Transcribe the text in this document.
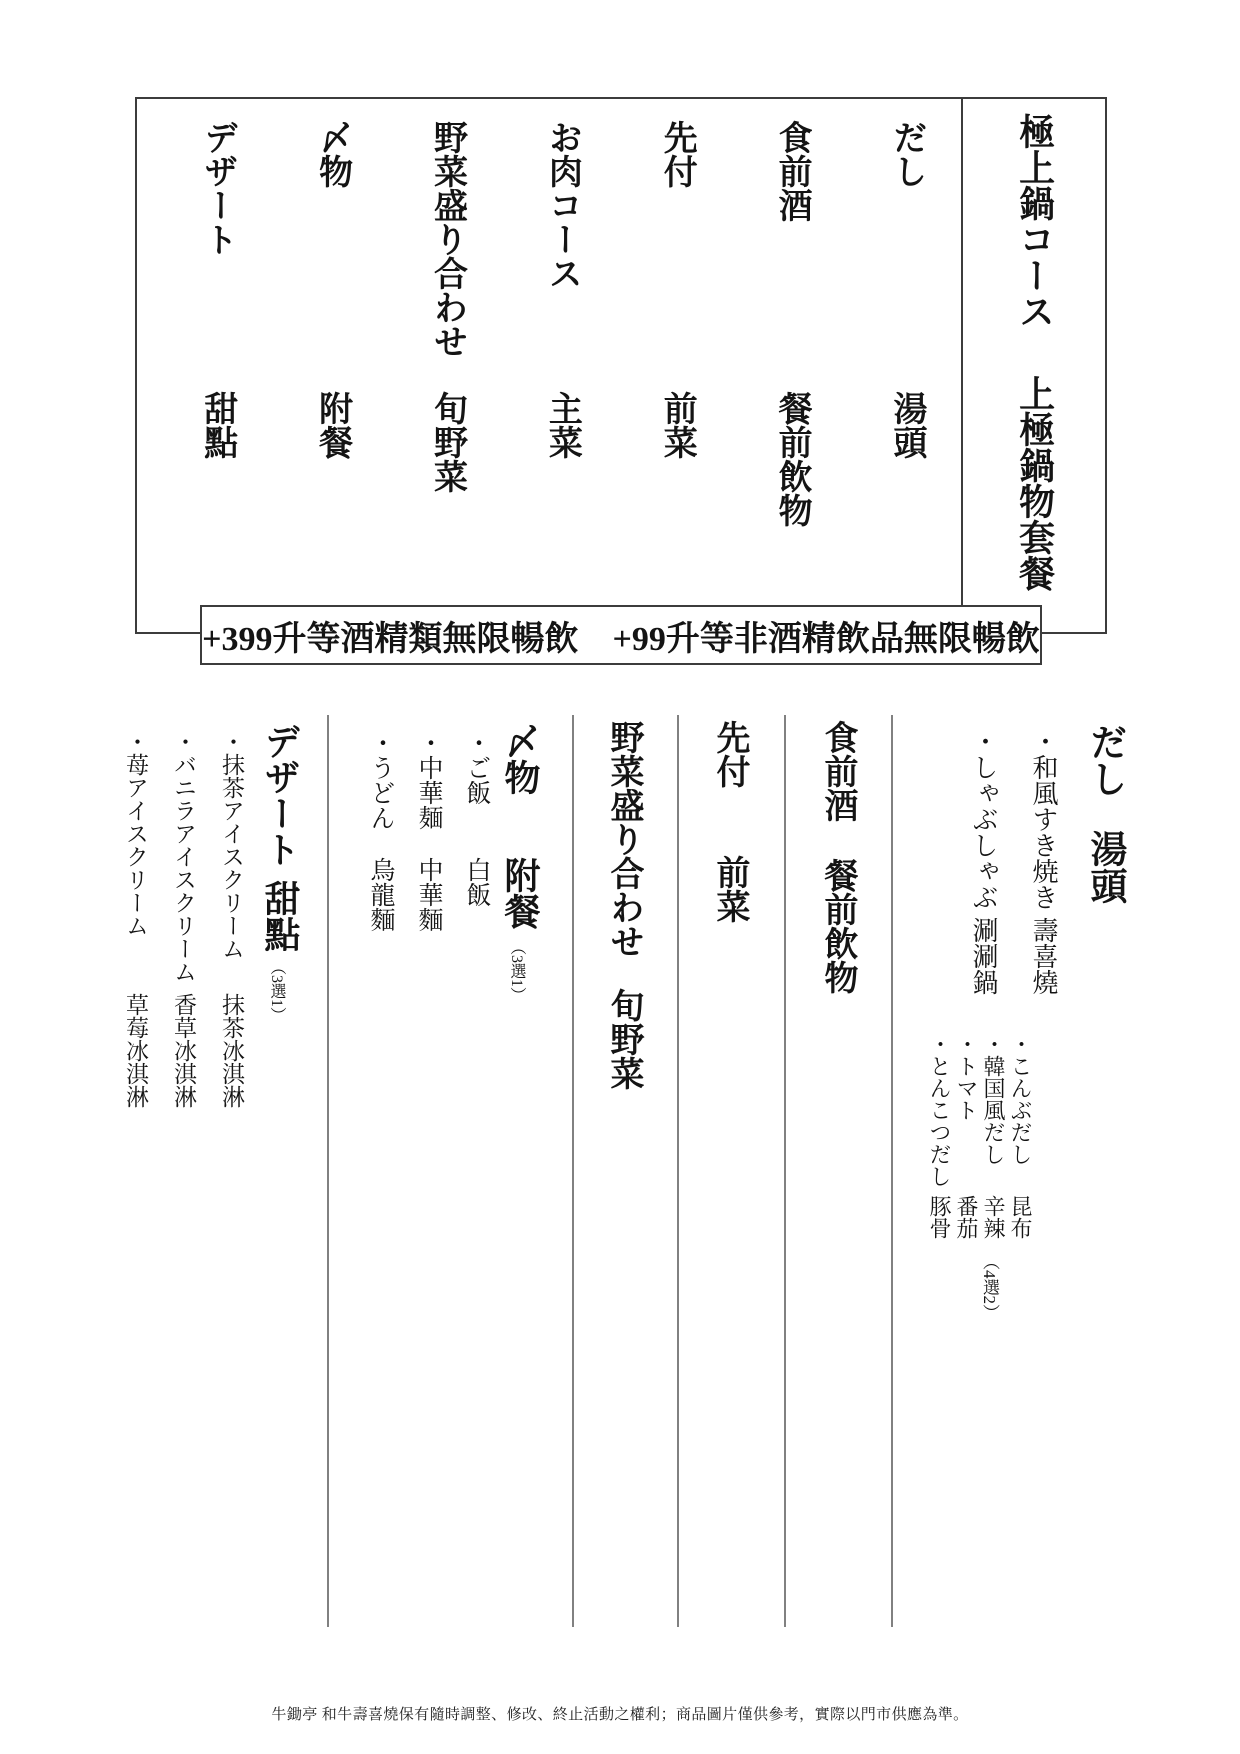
だし
湯頭
食前酒
餐前飲物
先付
前菜
お肉コース
主菜
野菜盛り合わせ
旬野菜
〆物
附餐
デザート
甜點
極上鍋コース
上極鍋物套餐
+399升等酒精類無限暢飲 +99升等非酒精飲品無限暢飲
だし
湯頭
・和風すき焼き
壽喜燒
・しゃぶしゃぶ
涮涮鍋
・こんぶだし
昆布
・韓国風だし
辛辣
・トマト
番茄
・とんこつだし
豚骨
（4選2）
食前酒
餐前飲物
先付
前菜
野菜盛り合わせ
旬野菜
〆物
附餐
（3選1）
・ご飯
白飯
・中華麺
中華麵
・うどん
烏龍麵
デザート
甜點
（3選1）
・抹茶アイスクリーム
抹茶冰淇淋
・バニラアイスクリーム
香草冰淇淋
・苺アイスクリーム
草莓冰淇淋
牛鋤亭 和牛壽喜燒保有隨時調整、修改、終止活動之權利；商品圖片僅供參考，實際以門市供應為準。
